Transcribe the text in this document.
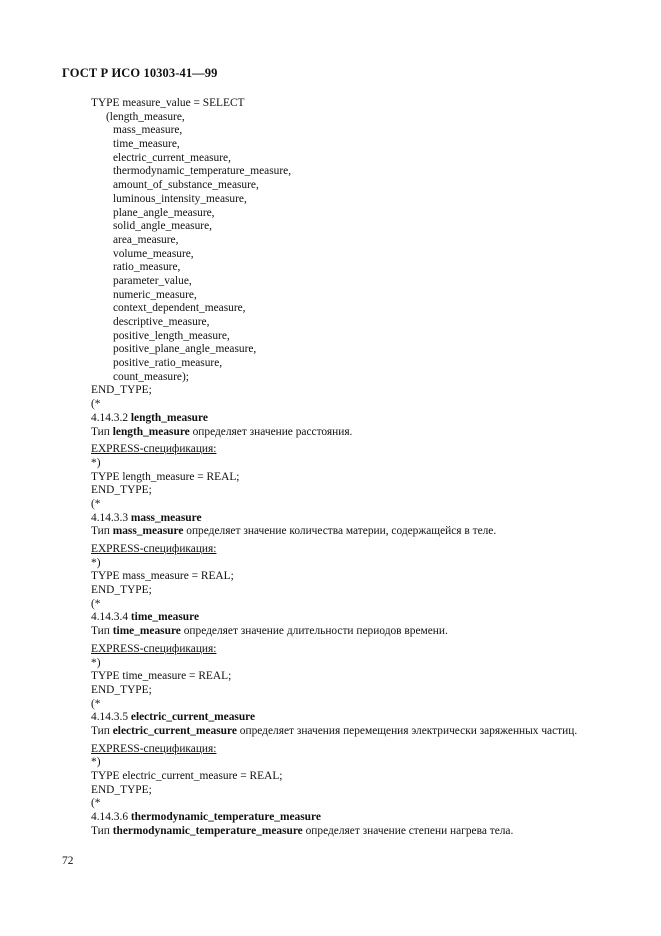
ГОСТ Р ИСО 10303-41—99
TYPE measure_value = SELECT
(length_measure,
mass_measure,
time_measure,
electric_current_measure,
thermodynamic_temperature_measure,
amount_of_substance_measure,
luminous_intensity_measure,
plane_angle_measure,
solid_angle_measure,
area_measure,
volume_measure,
ratio_measure,
parameter_value,
numeric_measure,
context_dependent_measure,
descriptive_measure,
positive_length_measure,
positive_plane_angle_measure,
positive_ratio_measure,
count_measure);
END_TYPE;
(*
4.14.3.2 length_measure
Тип length_measure определяет значение расстояния.
EXPRESS-спецификация:
*)
TYPE length_measure = REAL;
END_TYPE;
(*
4.14.3.3 mass_measure
Тип mass_measure определяет значение количества материи, содержащейся в теле.
EXPRESS-спецификация:
*)
TYPE mass_measure = REAL;
END_TYPE;
(*
4.14.3.4 time_measure
Тип time_measure определяет значение длительности периодов времени.
EXPRESS-спецификация:
*)
TYPE time_measure = REAL;
END_TYPE;
(*
4.14.3.5 electric_current_measure
Тип electric_current_measure определяет значения перемещения электрически заряженных частиц.
EXPRESS-спецификация:
*)
TYPE electric_current_measure = REAL;
END_TYPE;
(*
4.14.3.6 thermodynamic_temperature_measure
Тип thermodynamic_temperature_measure определяет значение степени нагрева тела.
72
